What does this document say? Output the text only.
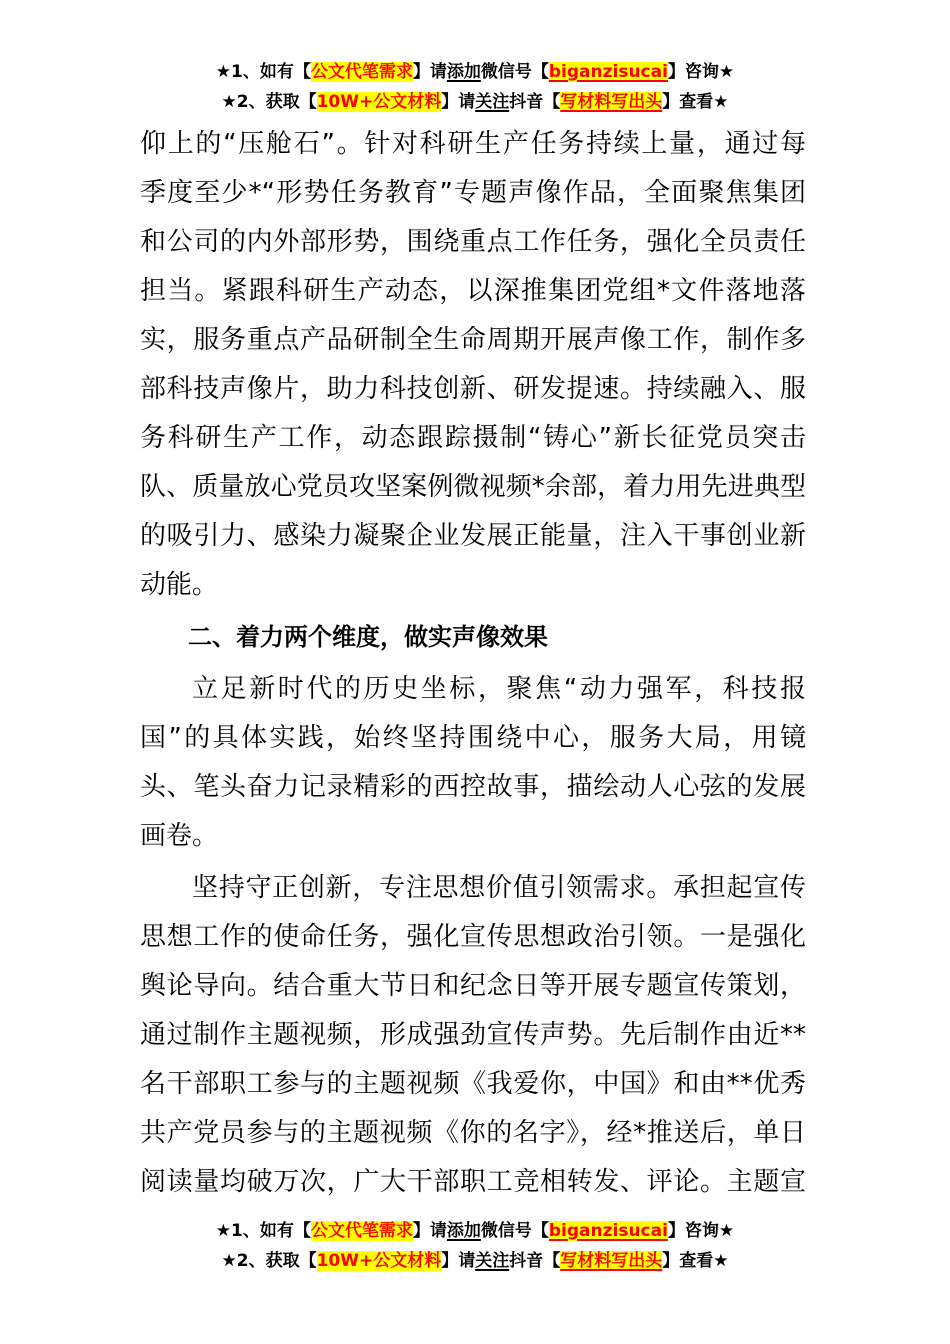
★1、如有【公文代笔需求】请添加微信号【biganzisucai】咨询★
★2、获取【10W+公文材料】请关注抖音【写材料写出头】查看★
仰上的“压舱石”。针对科研生产任务持续上量，通过每
季度至少*“形势任务教育”专题声像作品，全面聚焦集团
和公司的内外部形势，围绕重点工作任务，强化全员责任
担当。紧跟科研生产动态，以深推集团党组*文件落地落
实，服务重点产品研制全生命周期开展声像工作，制作多
部科技声像片，助力科技创新、研发提速。持续融入、服
务科研生产工作，动态跟踪摄制“铸心”新长征党员突击
队、质量放心党员攻坚案例微视频*余部，着力用先进典型
的吸引力、感染力凝聚企业发展正能量，注入干事创业新
动能。
二、着力两个维度，做实声像效果
立足新时代的历史坐标，聚焦“动力强军，科技报
国”的具体实践，始终坚持围绕中心，服务大局，用镜
头、笔头奋力记录精彩的西控故事，描绘动人心弦的发展
画卷。
坚持守正创新，专注思想价值引领需求。承担起宣传
思想工作的使命任务，强化宣传思想政治引领。一是强化
舆论导向。结合重大节日和纪念日等开展专题宣传策划，
通过制作主题视频，形成强劲宣传声势。先后制作由近**
名干部职工参与的主题视频《我爱你，中国》和由**优秀
共产党员参与的主题视频《你的名字》，经*推送后，单日
阅读量均破万次，广大干部职工竞相转发、评论。主题宣
★1、如有【公文代笔需求】请添加微信号【biganzisucai】咨询★
★2、获取【10W+公文材料】请关注抖音【写材料写出头】查看★
